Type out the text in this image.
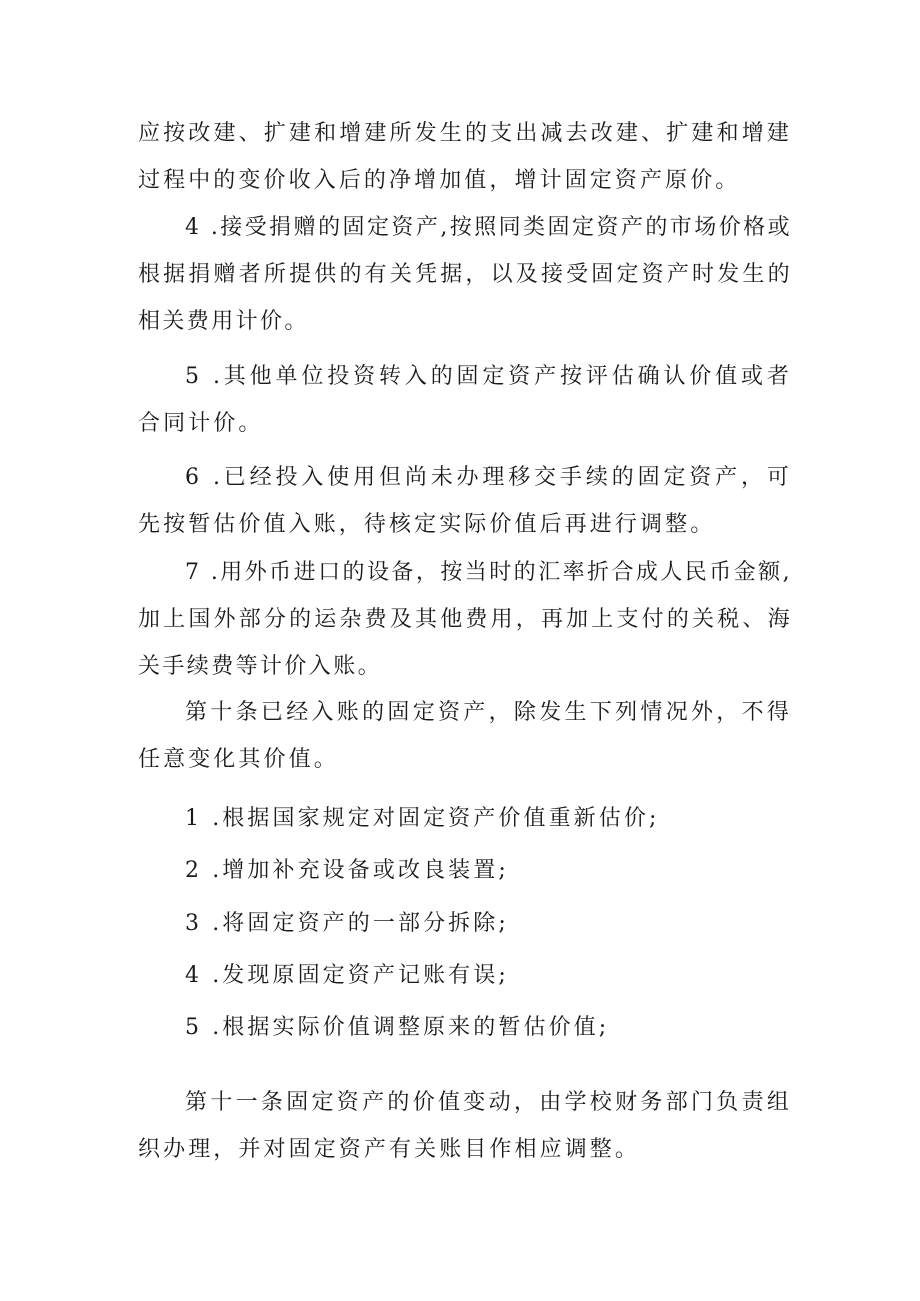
应按改建、扩建和增建所发生的支出减去改建、扩建和增建过程中的变价收入后的净增加值，增计固定资产原价。

4 .接受捐赠的固定资产,按照同类固定资产的市场价格或根据捐赠者所提供的有关凭据，以及接受固定资产时发生的相关费用计价。

5 .其他单位投资转入的固定资产按评估确认价值或者合同计价。

6 .已经投入使用但尚未办理移交手续的固定资产，可先按暂估价值入账，待核定实际价值后再进行调整。

7 .用外币进口的设备，按当时的汇率折合成人民币金额,加上国外部分的运杂费及其他费用，再加上支付的关税、海关手续费等计价入账。

第十条已经入账的固定资产，除发生下列情况外，不得任意变化其价值。

1 .根据国家规定对固定资产价值重新估价;

2 .增加补充设备或改良装置;

3 .将固定资产的一部分拆除;

4 .发现原固定资产记账有误;

5 .根据实际价值调整原来的暂估价值;

第十一条固定资产的价值变动，由学校财务部门负责组织办理，并对固定资产有关账目作相应调整。
